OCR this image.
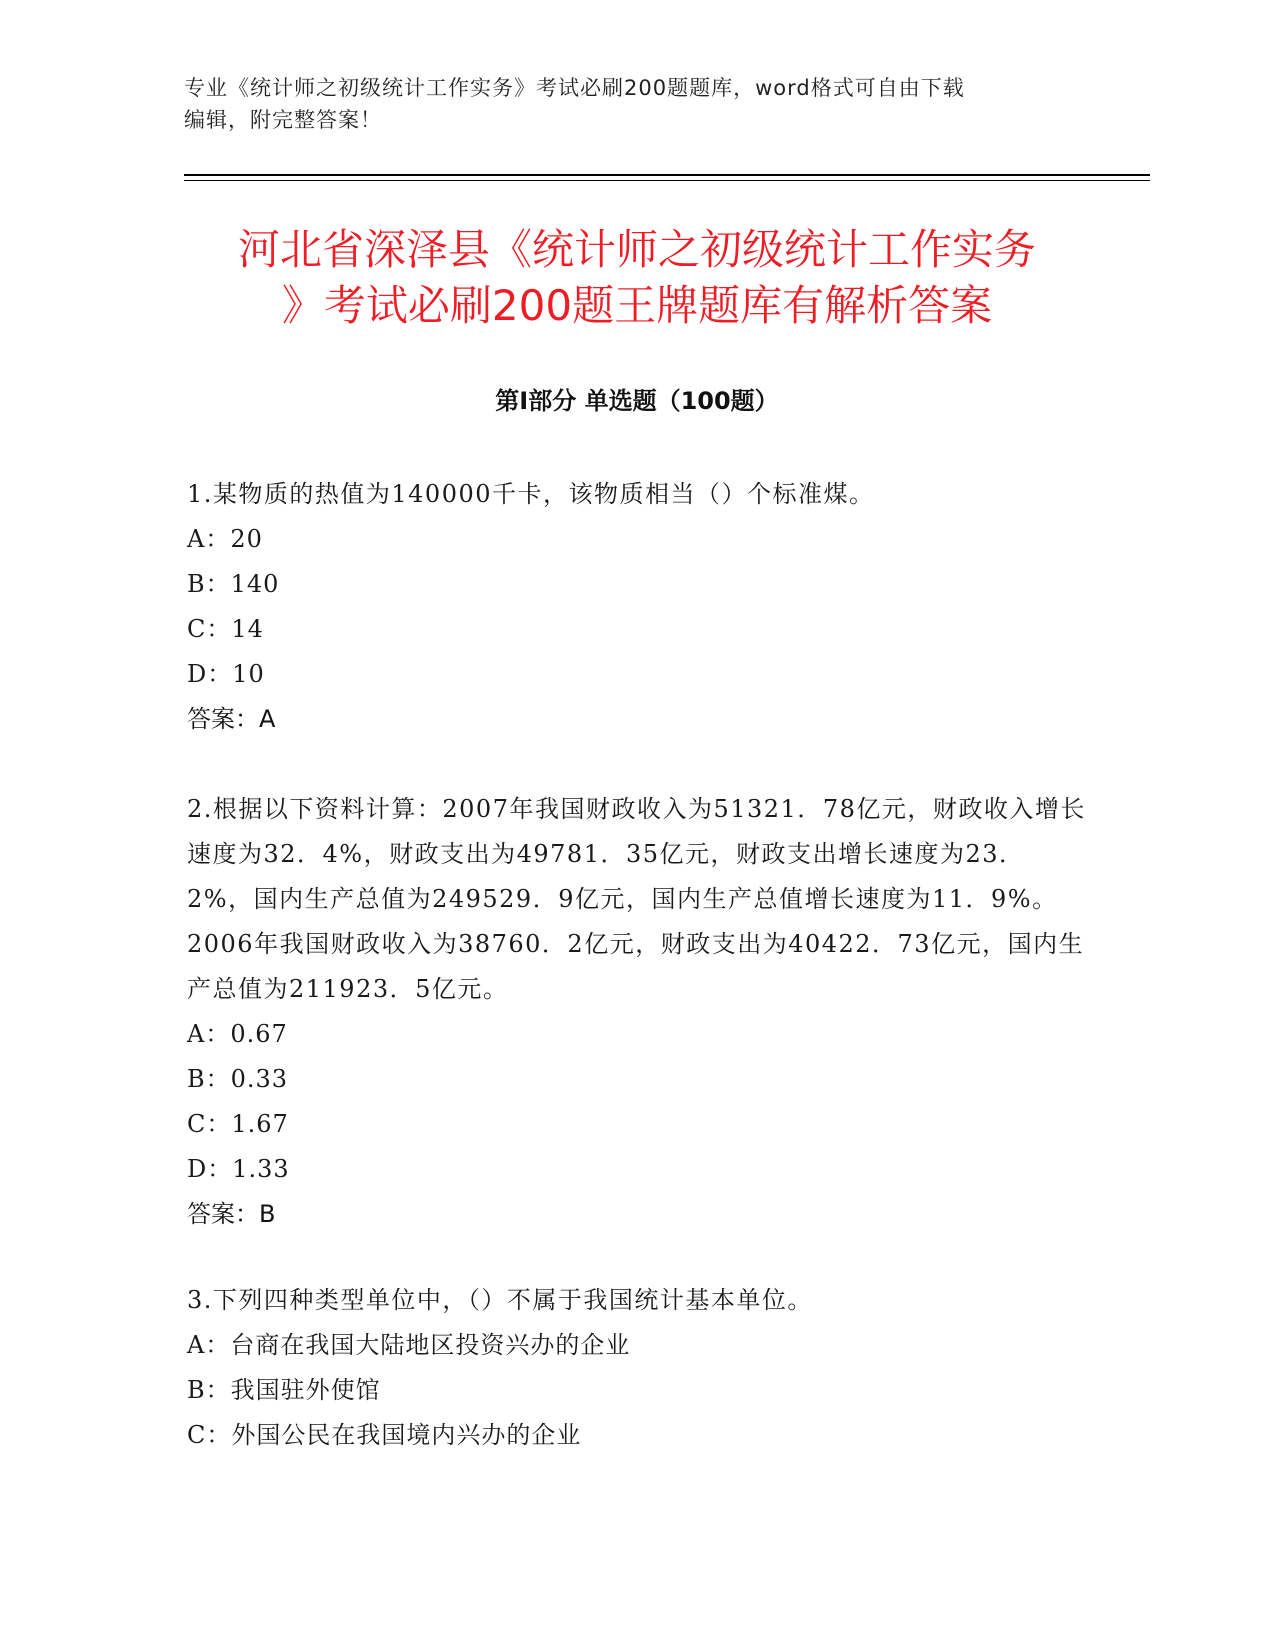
专业《统计师之初级统计工作实务》考试必刷200题题库，word格式可自由下载
编辑，附完整答案！
河北省深泽县《统计师之初级统计工作实务
》考试必刷200题王牌题库有解析答案
第Ⅰ部分 单选题（100题）

1.某物质的热值为140000千卡，该物质相当（）个标准煤。

A：20

B：140

C：14

D：10

答案：A

2.根据以下资料计算：2007年我国财政收入为51321．78亿元，财政收入增长速度为32．4%，财政支出为49781．35亿元，财政支出增长速度为23．2%，国内生产总值为249529．9亿元，国内生产总值增长速度为11．9%。2006年我国财政收入为38760．2亿元，财政支出为40422．73亿元，国内生产总值为211923．5亿元。

A：0.67

B：0.33

C：1.67

D：1.33

答案：B

3.下列四种类型单位中，（）不属于我国统计基本单位。

A：台商在我国大陆地区投资兴办的企业

B：我国驻外使馆

C：外国公民在我国境内兴办的企业
